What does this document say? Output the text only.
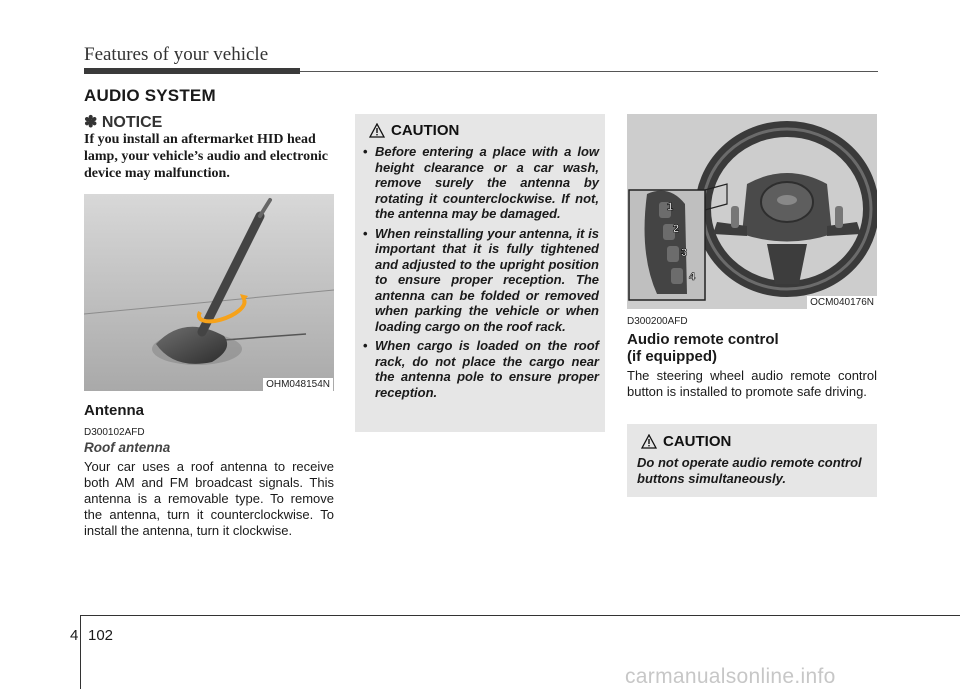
Features of your vehicle
AUDIO SYSTEM
✽ NOTICE
If you install an aftermarket HID head lamp, your vehicle’s audio and electronic device may malfunction.
OHM048154N
Antenna
D300102AFD
Roof antenna
Your car uses a roof antenna to receive both AM and FM broadcast signals. This antenna is a removable type. To remove the antenna, turn it counterclockwise. To install the antenna, turn it clockwise.
CAUTION
• Before entering a place with a low height clearance or a car wash, remove surely the antenna by rotating it counterclockwise. If not, the antenna may be damaged.
• When reinstalling your antenna, it is important that it is fully tightened and adjusted to the upright position to ensure proper reception. The antenna can be folded or removed when parking the vehicle or when loading cargo on the roof rack.
• When cargo is loaded on the roof rack, do not place the cargo near the antenna pole to ensure proper reception.
1
2
3
4
OCM040176N
D300200AFD
Audio remote control
(if equipped)
The steering wheel audio remote control button is installed to promote safe driving.
CAUTION
Do not operate audio remote control buttons simultaneously.
4 102
carmanualsonline.info
